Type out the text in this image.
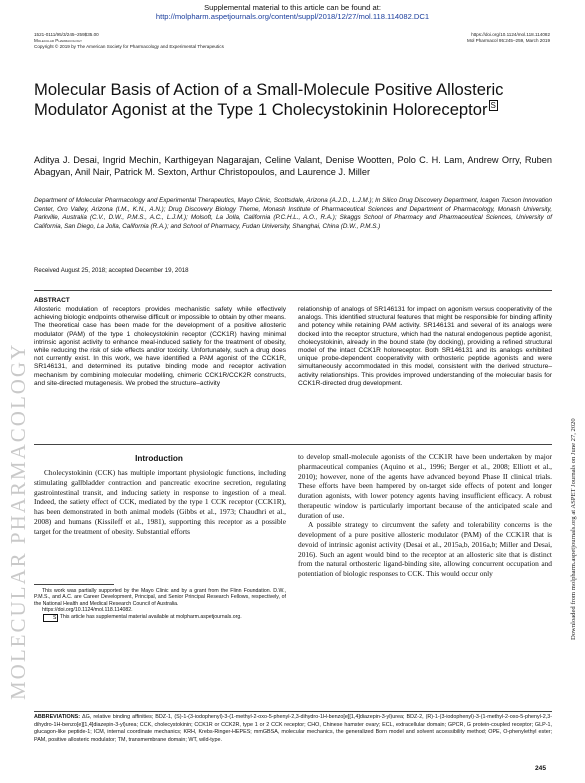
Supplemental material to this article can be found at:
http://molpharm.aspetjournals.org/content/suppl/2018/12/27/mol.118.114082.DC1
1521-0111/95/3/245–259$35.00
Molecular Pharmacology
Copyright © 2019 by The American Society for Pharmacology and Experimental Therapeutics
https://doi.org/10.1124/mol.118.114082
Mol Pharmacol 95:245–259, March 2019
MOLECULAR PHARMACOLOGY	Downloaded from molpharm.aspetjournals.org at ASPET Journals on June 27, 2020
Molecular Basis of Action of a Small-Molecule Positive Allosteric Modulator Agonist at the Type 1 Cholecystokinin Holoreceptor S
Aditya J. Desai, Ingrid Mechin, Karthigeyan Nagarajan, Celine Valant, Denise Wootten, Polo C. H. Lam, Andrew Orry, Ruben Abagyan, Anil Nair, Patrick M. Sexton, Arthur Christopoulos, and Laurence J. Miller
Department of Molecular Pharmacology and Experimental Therapeutics, Mayo Clinic, Scottsdale, Arizona (A.J.D., L.J.M.); In Silico Drug Discovery Department, Icagen Tucson Innovation Center, Oro Valley, Arizona (I.M., K.N., A.N.); Drug Discovery Biology Theme, Monash Institute of Pharmaceutical Sciences and Department of Pharmacology, Monash University, Parkville, Australia (C.V., D.W., P.M.S., A.C., L.J.M.); Molsoft, La Jolla, California (P.C.H.L., A.O., R.A.); Skaggs School of Pharmacy and Pharmaceutical Sciences, University of California, San Diego, La Jolla, California (R.A.); and School of Pharmacy, Fudan University, Shanghai, China (D.W., P.M.S.)
Received August 25, 2018; accepted December 19, 2018
ABSTRACT
Allosteric modulation of receptors provides mechanistic safety while effectively achieving biologic endpoints otherwise difficult or impossible to obtain by other means. The theoretical case has been made for the development of a positive allosteric modulator (PAM) of the type 1 cholecystokinin receptor (CCK1R) having minimal intrinsic agonist activity to enhance meal-induced satiety for the treatment of obesity, while reducing the risk of side effects and/or toxicity. Unfortunately, such a drug does not currently exist. In this work, we have identified a PAM agonist of the CCK1R, SR146131, and determined its putative binding mode and receptor activation mechanism by combining molecular modelling, chimeric CCK1R/CCK2R constructs, and site-directed mutagenesis. We probed the structure–activity
relationship of analogs of SR146131 for impact on agonism versus cooperativity of the analogs. This identified structural features that might be responsible for binding affinity and potency while retaining PAM activity. SR146131 and several of its analogs were docked into the receptor structure, which had the natural endogenous peptide agonist, cholecystokinin, already in the bound state (by docking), providing a refined structural model of the intact CCK1R holoreceptor. Both SR146131 and its analogs exhibited unique probe-dependent cooperativity with orthosteric peptide agonists and were simultaneously accommodated in this model, consistent with the derived structure–activity relationships. This provides improved understanding of the molecular basis for CCK1R-directed drug development.
Introduction

Cholecystokinin (CCK) has multiple important physiologic functions, including stimulating gallbladder contraction and pancreatic exocrine secretion, regulating gastrointestinal transit, and inducing satiety in response to ingestion of a meal. Indeed, the satiety effect of CCK, mediated by the type 1 CCK receptor (CCK1R), has been demonstrated in both animal models (Gibbs et al., 1973; Chaudhri et al., 2008) and humans (Kissileff et al., 1981), supporting this receptor as a possible target for the treatment of obesity. Substantial efforts

to develop small-molecule agonists of the CCK1R have been undertaken by major pharmaceutical companies (Aquino et al., 1996; Berger et al., 2008; Elliott et al., 2010); however, none of the agents have advanced beyond Phase II clinical trials. These efforts have been hampered by on-target side effects of potent and longer duration agonists, with lower potency agents having insufficient efficacy. A robust therapeutic window is particularly important because of the anticipated scale and duration of use.

A possible strategy to circumvent the safety and tolerability concerns is the development of a pure positive allosteric modulator (PAM) of the CCK1R that is devoid of intrinsic agonist activity (Desai et al., 2015a,b, 2016a,b; Miller and Desai, 2016). Such an agent would bind to the receptor at an allosteric site that is distinct from the natural orthosteric ligand-binding site, allowing concurrent occupation and potentiation of biologic responses to CCK. This would occur only

This work was partially supported by the Mayo Clinic and by a grant from the Flinn Foundation. D.W., P.M.S., and A.C. are Career Development, Principal, and Senior Principal Research Fellows, respectively, of the National Health and Medical Research Council of Australia.

https://doi.org/10.1124/mol.118.114082.

S This article has supplemental material available at molpharm.aspetjournals.org.

ABBREVIATIONS: ΔG, relative binding affinities; BDZ-1, (S)-1-(3-iodophenyl)-3-(1-methyl-2-oxo-5-phenyl-2,3-dihydro-1H-benzo[e][1,4]diazepin-3-yl)urea; BDZ-2, (R)-1-(3-iodophenyl)-3-(1-methyl-2-oxo-5-phenyl-2,3-dihydro-1H-benzo[e][1,4]diazepin-3-yl)urea; CCK, cholecystokinin; CCK1R or CCK2R, type 1 or 2 CCK receptor; CHO, Chinese hamster ovary; ECL, extracellular domain; GPCR, G protein-coupled receptor; GLP-1, glucagon-like peptide-1; ICM, internal coordinate mechanics; KRH, Krebs-Ringer-HEPES; mmGBSA, molecular mechanics, the generalized Born model and solvent accessibility method; OPE, O-phenylethyl ester; PAM, positive allosteric modulator; TM, transmembrane domain; WT, wild-type.
245
